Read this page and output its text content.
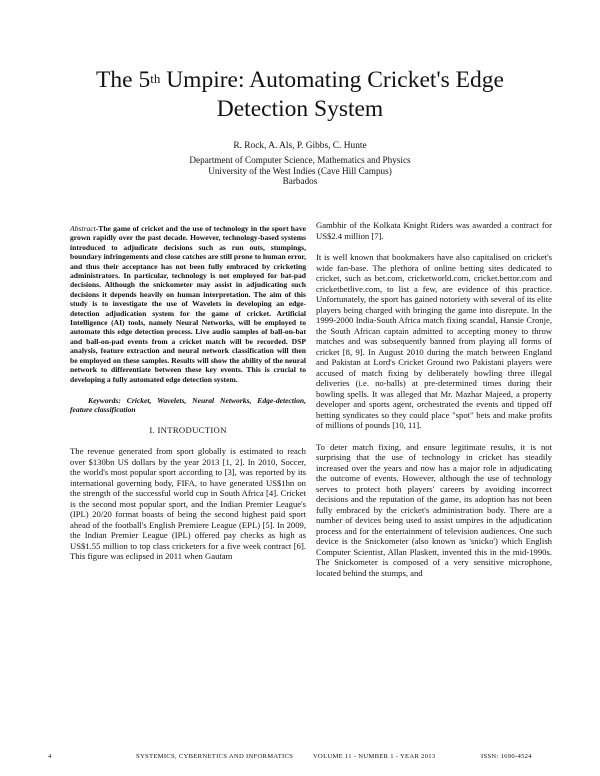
The 5th Umpire: Automating Cricket's Edge
Detection System
R. Rock, A. Als, P. Gibbs, C. Hunte
Department of Computer Science, Mathematics and Physics
University of the West Indies (Cave Hill Campus)
Barbados

Abstract-The game of cricket and the use of technology in the sport have grown rapidly over the past decade. However, technology-based systems introduced to adjudicate decisions such as run outs, stumpings, boundary infringements and close catches are still prone to human error, and thus their acceptance has not been fully embraced by cricketing administrators. In particular, technology is not employed for bat-pad decisions. Although the snickometer may assist in adjudicating such decisions it depends heavily on human interpretation. The aim of this study is to investigate the use of Wavelets in developing an edge-detection adjudication system for the game of cricket. Artificial Intelligence (AI) tools, namely Neural Networks, will be employed to automate this edge detection process. Live audio samples of ball-on-bat and ball-on-pad events from a cricket match will be recorded. DSP analysis, feature extraction and neural network classification will then be employed on these samples. Results will show the ability of the neural network to differentiate between these key events. This is crucial to developing a fully automated edge detection system.

Keywords: Cricket, Wavelets, Neural Networks, Edge-detection, feature classification

I. INTRODUCTION

The revenue generated from sport globally is estimated to reach over $130bn US dollars by the year 2013 [1, 2]. In 2010, Soccer, the world's most popular sport according to [3], was reported by its international governing body, FIFA, to have generated US$1bn on the strength of the successful world cup in South Africa [4]. Cricket is the second most popular sport, and the Indian Premier League's (IPL) 20/20 format boasts of being the second highest paid sport ahead of the football's English Premiere League (EPL) [5]. In 2009, the Indian Premier League (IPL) offered pay checks as high as US$1.55 million to top class cricketers for a five week contract [6]. This figure was eclipsed in 2011 when Gautam

Gambhir of the Kolkata Knight Riders was awarded a contract for US$2.4 million [7].

It is well known that bookmakers have also capitalised on cricket's wide fan-base. The plethora of online betting sites dedicated to cricket, such as bet.com, cricketworld.com, cricket.bettor.com and cricketbetlive.com, to list a few, are evidence of this practice. Unfortunately, the sport has gained notoriety with several of its elite players being charged with bringing the game into disrepute. In the 1999-2000 India-South Africa match fixing scandal, Hansie Cronje, the South African captain admitted to accepting money to throw matches and was subsequently banned from playing all forms of cricket [8, 9]. In August 2010 during the match between England and Pakistan at Lord's Cricket Ground two Pakistani players were accused of match fixing by deliberately bowling three illegal deliveries (i.e. no-balls) at pre-determined times during their bowling spells. It was alleged that Mr. Mazhar Majeed, a property developer and sports agent, orchestrated the events and tipped off betting syndicates so they could place "spot" bets and make profits of millions of pounds [10, 11].

To deter match fixing, and ensure legitimate results, it is not surprising that the use of technology in cricket has steadily increased over the years and now has a major role in adjudicating the outcome of events. However, although the use of technology serves to protect both players' careers by avoiding incorrect decisions and the reputation of the game, its adoption has not been fully embraced by the cricket's administration body. There are a number of devices being used to assist umpires in the adjudication process and for the entertainment of television audiences. One such device is the Snickometer (also known as 'snicko') which English Computer Scientist, Allan Plaskett, invented this in the mid-1990s. The Snickometer is composed of a very sensitive microphone, located behind the stumps, and

4	SYSTEMICS, CYBERNETICS AND INFORMATICS	VOLUME 11 - NUMBER 1 - YEAR 2013	ISSN: 1690-4524
